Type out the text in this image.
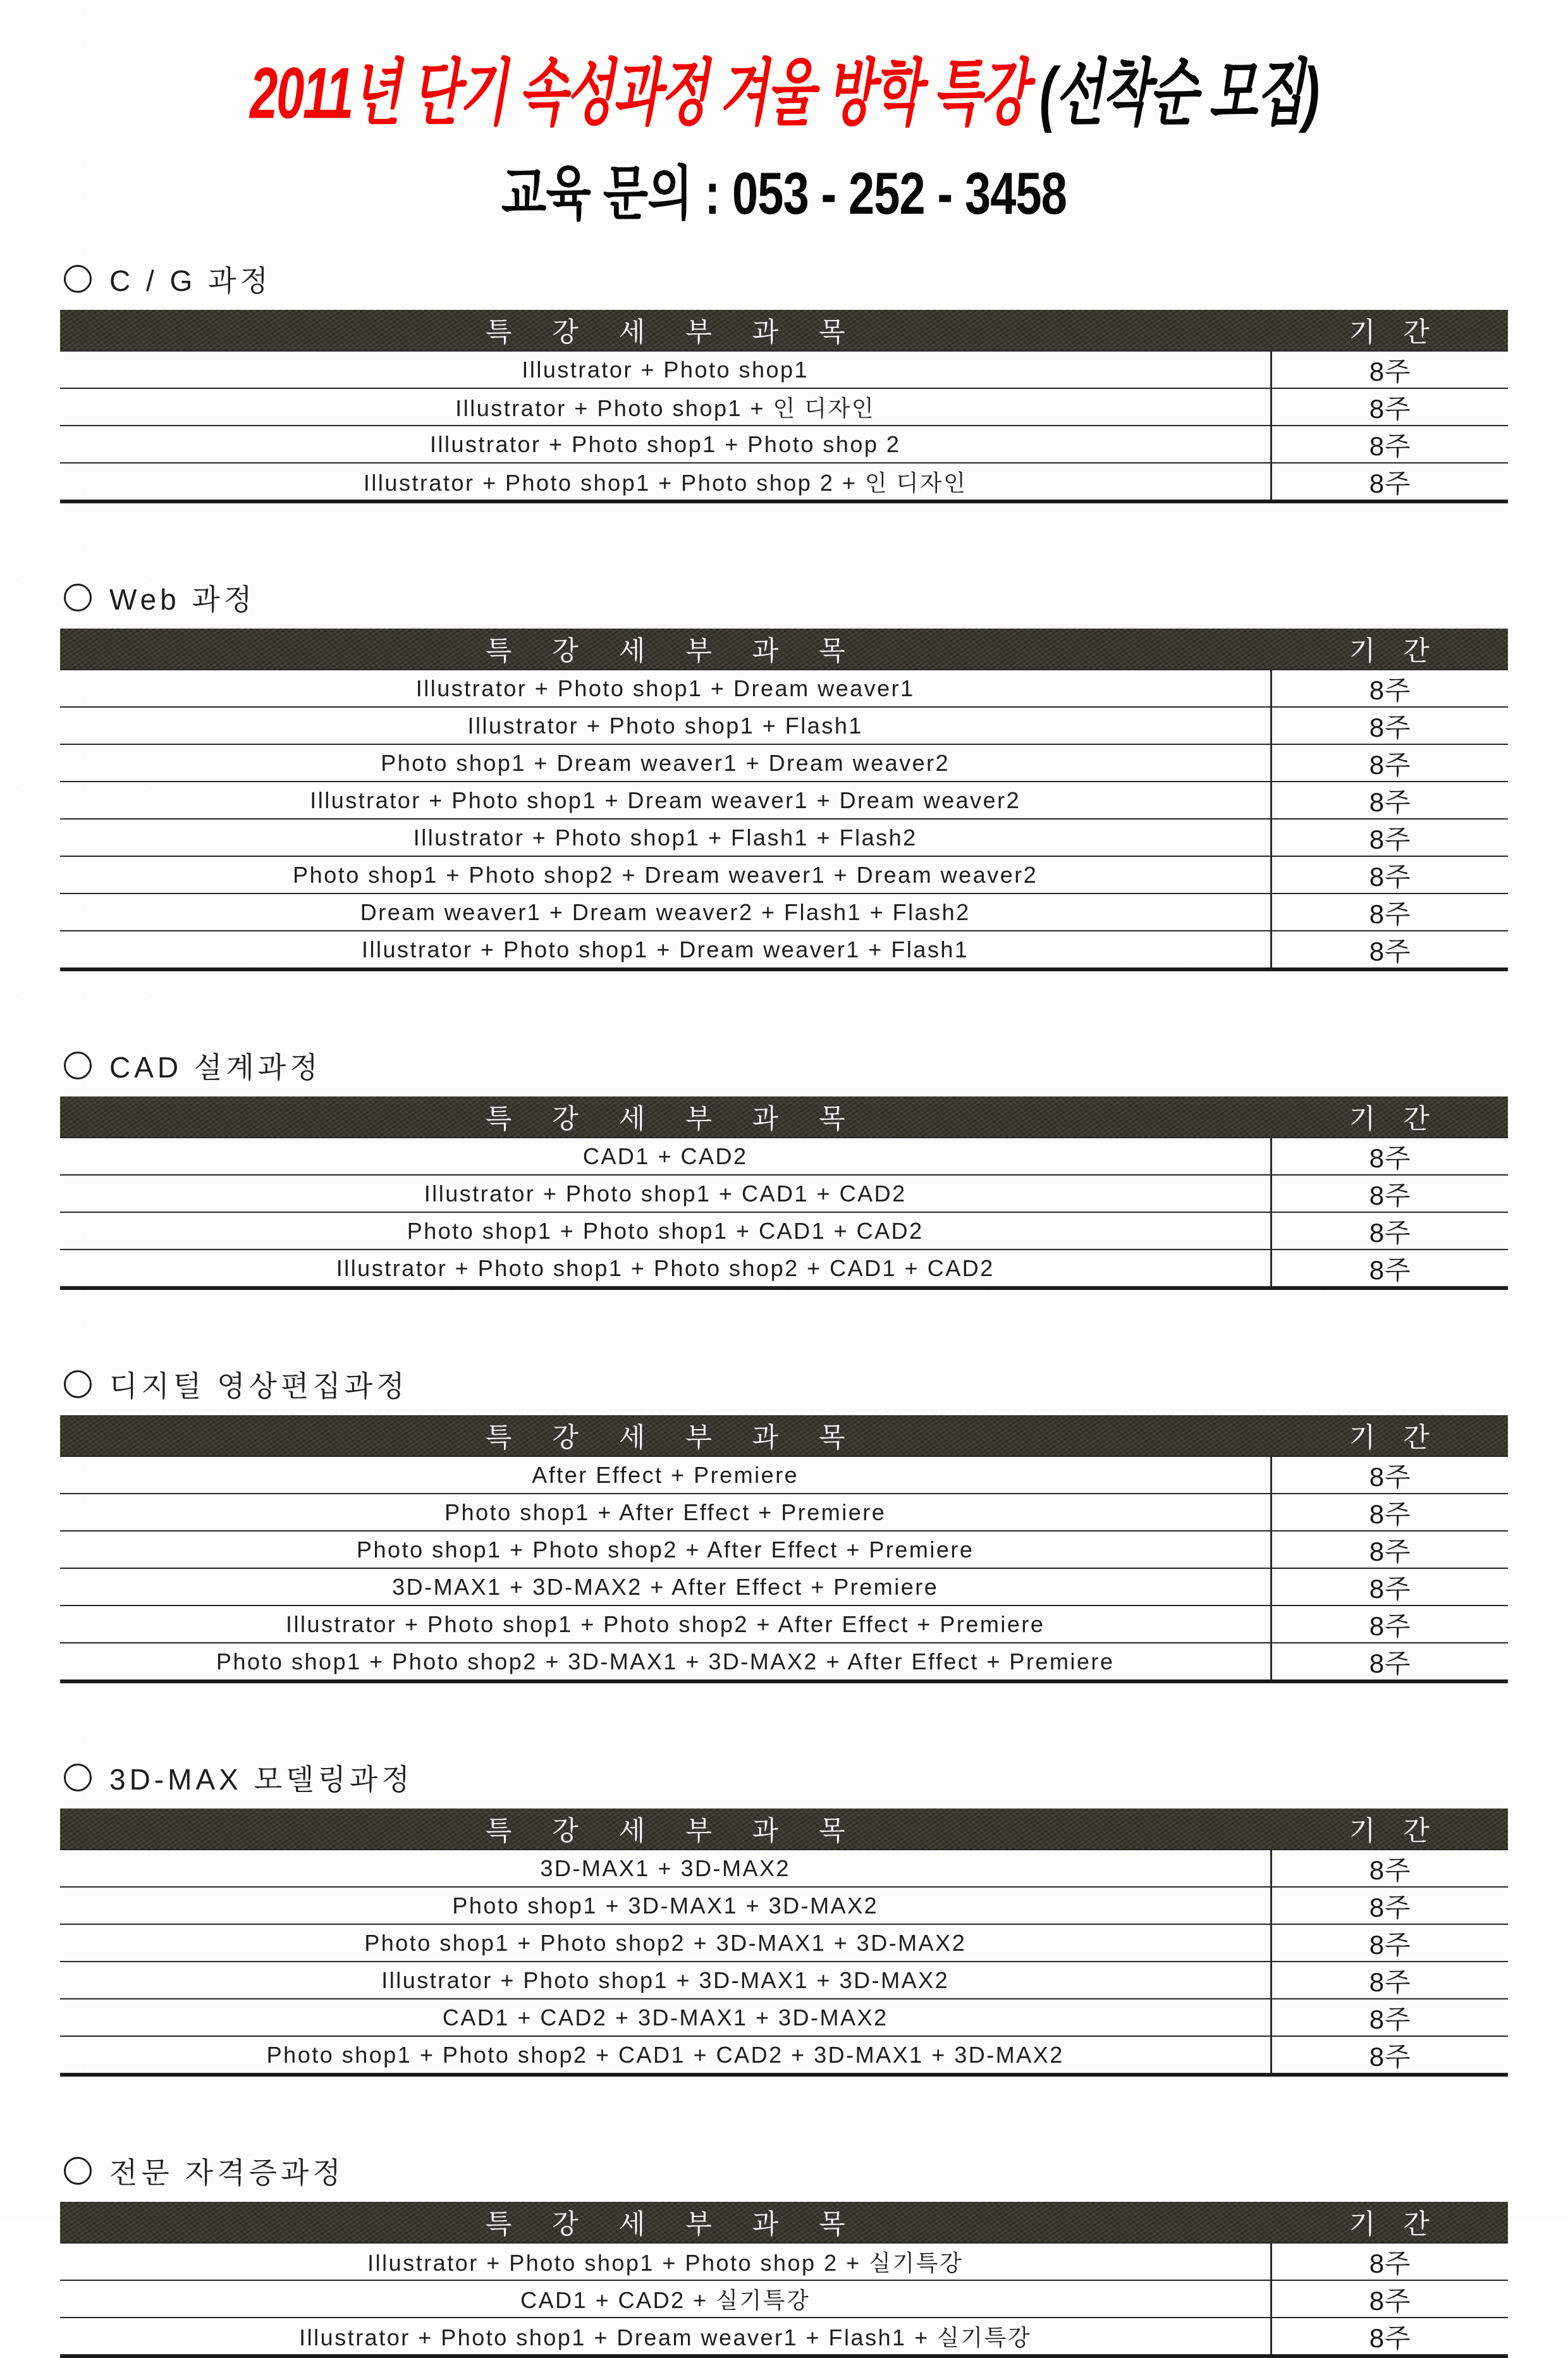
2011년 단기 속성과정 겨울 방학 특강 (선착순 모집)
교육 문의 : 053 - 252 - 3458
C / G 과정
특 강 세 부 과 목	기 간
Illustrator + Photo shop1	8주
Illustrator + Photo shop1 + 인 디자인	8주
Illustrator + Photo shop1 + Photo shop 2	8주
Illustrator + Photo shop1 + Photo shop 2 + 인 디자인	8주
Web 과정
특 강 세 부 과 목	기 간
Illustrator + Photo shop1 + Dream weaver1	8주
Illustrator + Photo shop1 + Flash1	8주
Photo shop1 + Dream weaver1 + Dream weaver2	8주
Illustrator + Photo shop1 + Dream weaver1 + Dream weaver2	8주
Illustrator + Photo shop1 + Flash1 + Flash2	8주
Photo shop1 + Photo shop2 + Dream weaver1 + Dream weaver2	8주
Dream weaver1 + Dream weaver2 + Flash1 + Flash2	8주
Illustrator + Photo shop1 + Dream weaver1 + Flash1	8주
CAD 설계과정
특 강 세 부 과 목	기 간
CAD1 + CAD2	8주
Illustrator + Photo shop1 + CAD1 + CAD2	8주
Photo shop1 + Photo shop1 + CAD1 + CAD2	8주
Illustrator + Photo shop1 + Photo shop2 + CAD1 + CAD2	8주
디지털 영상편집과정
특 강 세 부 과 목	기 간
After Effect + Premiere	8주
Photo shop1 + After Effect + Premiere	8주
Photo shop1 + Photo shop2 + After Effect + Premiere	8주
3D-MAX1 + 3D-MAX2 + After Effect + Premiere	8주
Illustrator + Photo shop1 + Photo shop2 + After Effect + Premiere	8주
Photo shop1 + Photo shop2 + 3D-MAX1 + 3D-MAX2 + After Effect + Premiere	8주
3D-MAX 모델링과정
특 강 세 부 과 목	기 간
3D-MAX1 + 3D-MAX2	8주
Photo shop1 + 3D-MAX1 + 3D-MAX2	8주
Photo shop1 + Photo shop2 + 3D-MAX1 + 3D-MAX2	8주
Illustrator + Photo shop1 + 3D-MAX1 + 3D-MAX2	8주
CAD1 + CAD2 + 3D-MAX1 + 3D-MAX2	8주
Photo shop1 + Photo shop2 + CAD1 + CAD2 + 3D-MAX1 + 3D-MAX2	8주
전문 자격증과정
특 강 세 부 과 목	기 간
Illustrator + Photo shop1 + Photo shop 2 + 실기특강	8주
CAD1 + CAD2 + 실기특강	8주
Illustrator + Photo shop1 + Dream weaver1 + Flash1 + 실기특강	8주
